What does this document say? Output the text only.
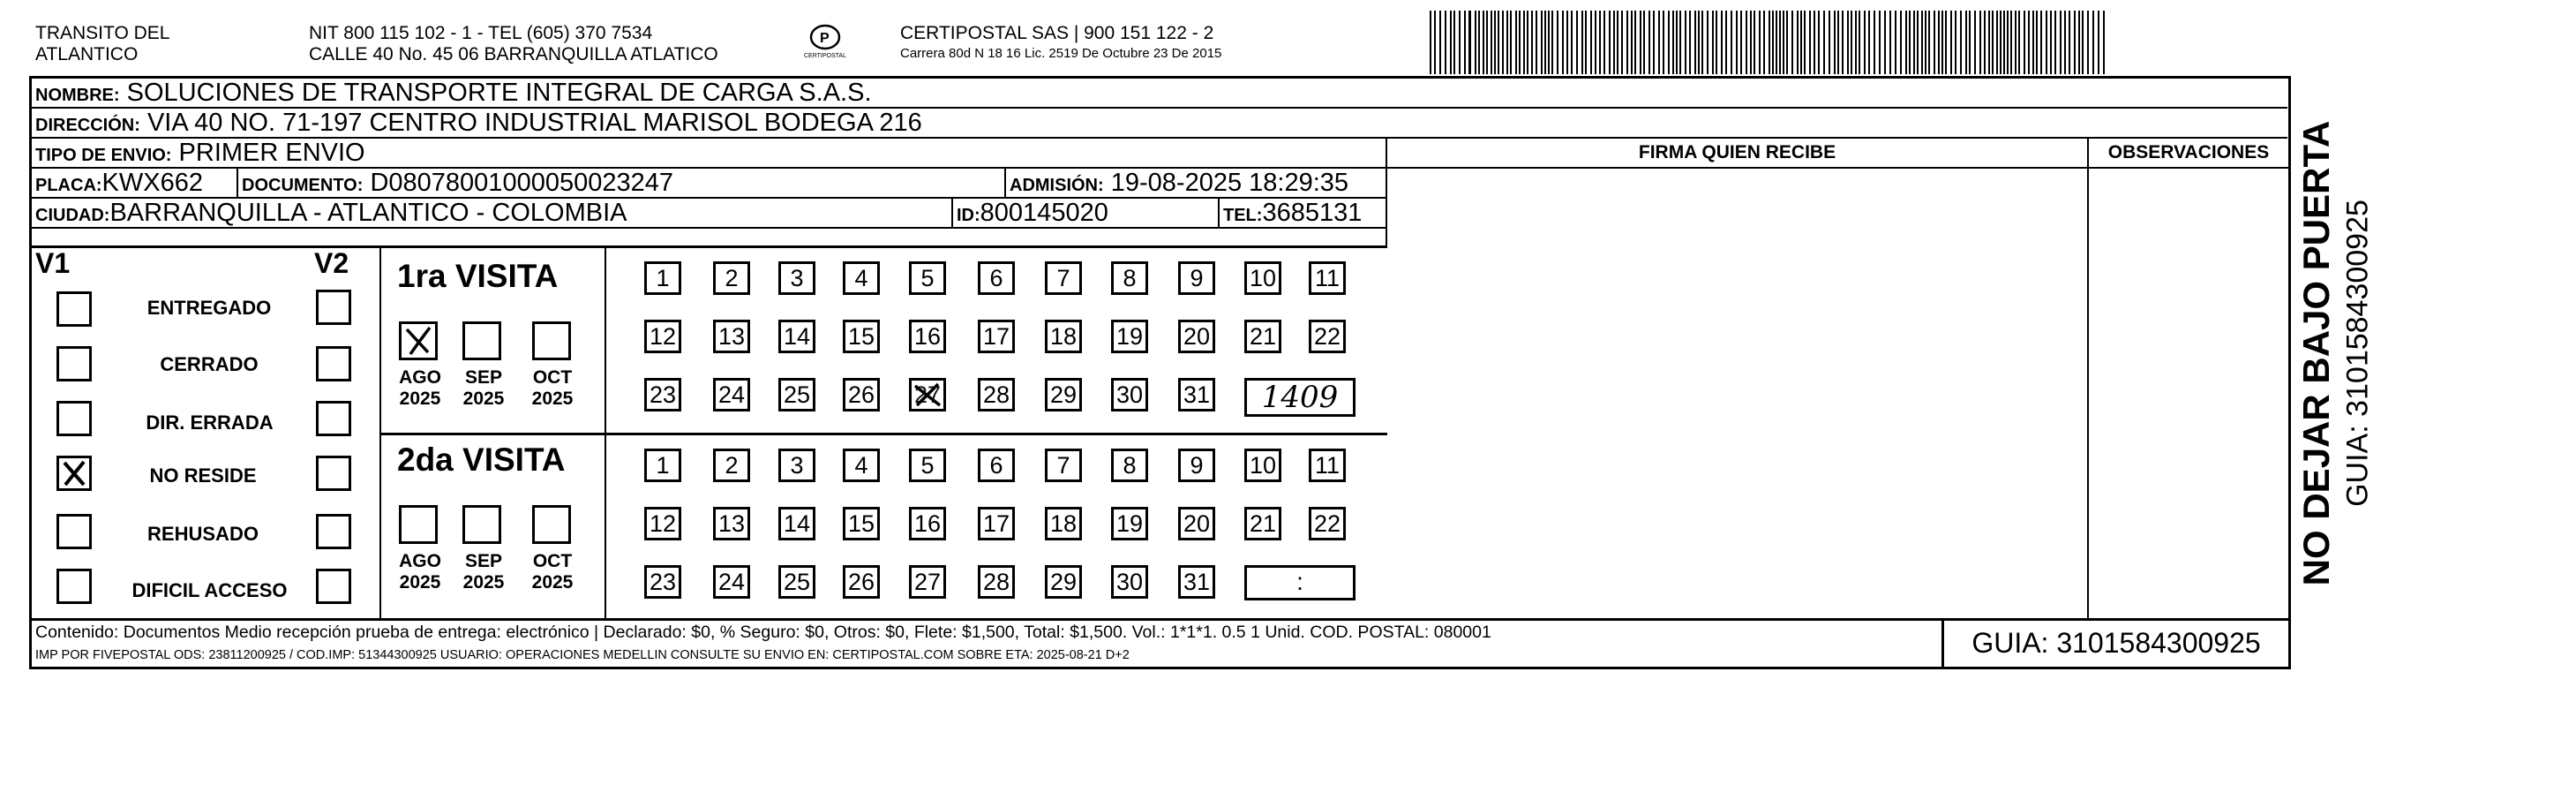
TRANSITO DEL
ATLANTICO
NIT 800 115 102 - 1 - TEL (605) 370 7534
CALLE 40 No. 45 06 BARRANQUILLA ATLATICO
P
CERTIPOSTAL
CERTIPOSTAL SAS | 900 151 122 - 2
Carrera 80d N 18 16 Lic. 2519 De Octubre 23 De 2015
NOMBRE: SOLUCIONES DE TRANSPORTE INTEGRAL DE CARGA S.A.S.
DIRECCIÓN: VIA 40 NO. 71-197 CENTRO INDUSTRIAL MARISOL BODEGA 216
TIPO DE ENVIO: PRIMER ENVIO	FIRMA QUIEN RECIBE	OBSERVACIONES
PLACA:KWX662	DOCUMENTO: D08078001000050023247	ADMISIÓN: 19-08-2025 18:29:35
CIUDAD:BARRANQUILLA - ATLANTICO - COLOMBIA	ID:800145020	TEL:3685131
V1	V2
ENTREGADO
CERRADO
DIR. ERRADA
NO RESIDE
REHUSADO
DIFICIL ACCESO
1ra VISITA
AGO
2025
SEP
2025
OCT
2025
2da VISITA
AGO
2025
SEP
2025
OCT
2025
1	2	3	4	5	6	7	8	9	10 11
12 13 14 15 16 17 18 19 20 21 22
23 24 25 26 27 28 29 30 31	1409
1	2	3	4	5	6	7	8	9	10 11
12 13 14 15 16 17 18 19 20 21 22
23 24 25 26 27 28 29 30 31	:
Contenido: Documentos Medio recepción prueba de entrega: electrónico | Declarado: $0, % Seguro: $0, Otros: $0, Flete: $1,500, Total: $1,500. Vol.: 1*1*1. 0.5 1 Unid. COD. POSTAL: 080001
IMP POR FIVEPOSTAL ODS: 23811200925 / COD.IMP: 51344300925 USUARIO: OPERACIONES MEDELLIN CONSULTE SU ENVIO EN: CERTIPOSTAL.COM SOBRE ETA: 2025-08-21 D+2	GUIA: 3101584300925
NO DEJAR BAJO PUERTA GUIA: 3101584300925
